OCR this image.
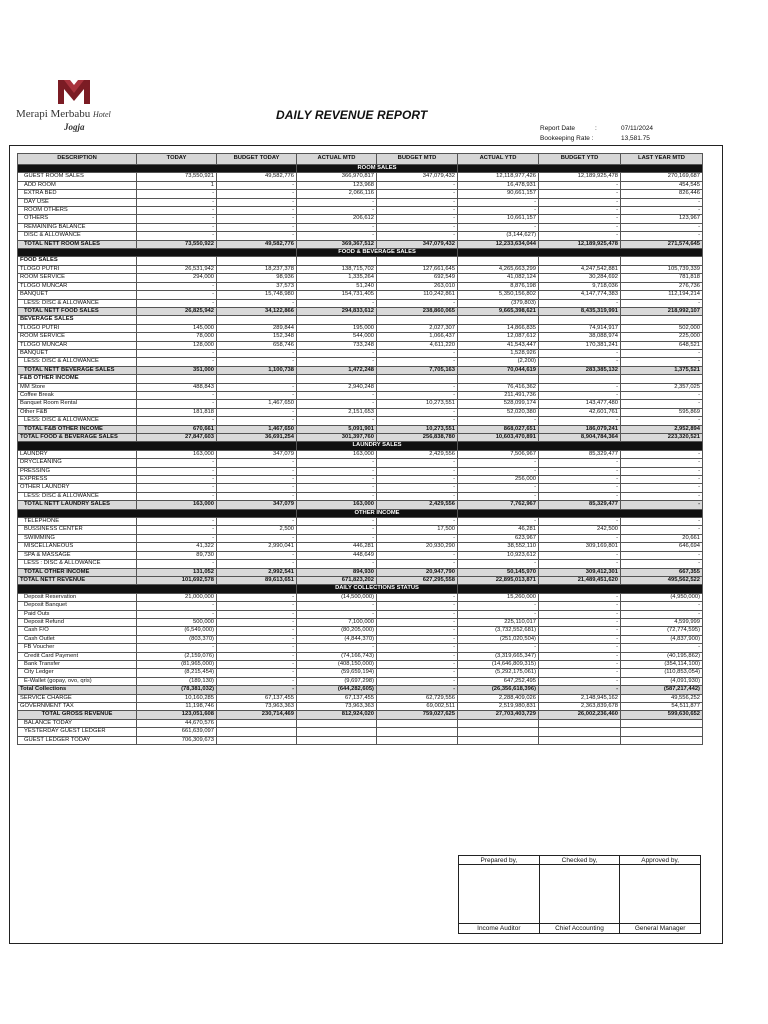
Merapi Merbabu Hotel
Jogja
DAILY REVENUE REPORT
Report Date	:	07/11/2024
Bookeeping Rate :	13,581.75
DESCRIPTION	TODAY	BUDGET TODAY	ACTUAL MTD	BUDGET MTD	ACTUAL YTD	BUDGET YTD	LAST YEAR MTD
			ROOM SALES				
GUEST ROOM SALES	73,550,921	49,582,776	366,970,817	347,079,432	12,118,977,426	12,189,925,478	270,169,687
ADD ROOM	1	-	123,968	-	16,478,931	-	454,545
EXTRA BED	-	-	2,066,116	-	90,661,157	-	826,446
DAY USE	-	-	-	-	-	-	-
ROOM OTHERS	-	-	-	-	-	-	-
OTHERS	-	-	206,612	-	10,661,157	-	123,967
REMAINING BALANCE	-	-	-	-	-	-	-
DISC & ALLOWANCE	-	-	-	-	(3,144,627)	-	-
TOTAL NETT ROOM SALES	73,550,922	49,582,776	369,367,512	347,079,432	12,233,634,044	12,189,925,478	271,574,645
			FOOD & BEVERAGE SALES				
FOOD SALES							
TLOGO PUTRI	26,531,942	18,237,378	138,715,702	127,661,645	4,265,663,299	4,247,542,881	105,739,339
ROOM SERVICE	294,000	98,936	1,335,264	692,549	41,082,124	30,284,692	781,818
TLOGO MUNCAR	-	37,573	51,240	263,010	8,876,198	9,718,036	276,736
BANQUET	-	15,748,980	154,731,405	110,242,861	5,350,156,802	4,147,774,383	112,194,214
LESS: DISC & ALLOWANCE	-	-	-	-	(379,803)	-	-
TOTAL NETT FOOD SALES	26,825,942	34,122,866	294,833,612	238,860,065	9,665,398,621	8,435,319,991	218,992,107
BEVERAGE SALES							
TLOGO PUTRI	145,000	289,844	195,000	2,027,307	14,866,835	74,914,917	502,000
ROOM SERVICE	78,000	152,348	544,000	1,066,437	12,087,612	38,088,974	225,000
TLOGO MUNCAR	128,000	658,746	733,248	4,611,220	41,543,447	170,381,241	648,521
BANQUET	-	-	-	-	1,528,926	-	-
LESS: DISC & ALLOWANCE	-	-	-	-	(2,200)	-	-
TOTAL NETT BEVERAGE SALES	351,000	1,100,738	1,472,248	7,705,163	70,044,619	283,385,132	1,375,521
F&B OTHER INCOME							
MM Store	488,843	-	2,940,248	-	76,416,362	-	2,357,025
Coffee Break	-	-	-	-	211,491,736	-	-
Banquet Room Rental	-	1,467,650	-	10,273,551	528,099,174	143,477,480	-
Other F&B	181,818	-	2,151,653	-	52,020,380	42,601,761	595,869
LESS: DISC & ALLOWANCE	-	-	-	-	-	-	-
TOTAL F&B OTHER INCOME	670,661	1,467,650	5,091,901	10,273,551	868,027,651	186,079,241	2,952,894
TOTAL FOOD & BEVERAGE SALES	27,847,603	36,691,254	301,397,760	256,838,780	10,603,470,891	8,904,784,364	223,320,521
			LAUNDRY SALES				
LAUNDRY	163,000	347,079	163,000	2,429,556	7,506,967	85,329,477	-
DRYCLEANING	-	-	-	-	-	-	-
PRESSING	-	-	-	-	-	-	-
EXPRESS	-	-	-	-	256,000	-	-
OTHER LAUNDRY	-	-	-	-	-	-	-
LESS: DISC & ALLOWANCE	-	-	-	-	-	-	-
TOTAL NETT LAUNDRY SALES	163,000	347,079	163,000	2,429,556	7,762,967	85,329,477	-
			OTHER INCOME				
TELEPHONE	-	-	-	-	-	-	-
BUSSINESS CENTER	-	2,500	-	17,500	46,281	242,500	-
SWIMMING	-	-	-	-	623,967	-	20,661
MISCELLANEOUS	41,322	2,990,041	446,281	20,930,290	38,552,110	309,169,801	646,694
SPA & MASSAGE	89,730	-	448,649	-	10,923,612	-	-
LESS : DISC & ALLOWANCE	-	-	-	-	-	-	-
TOTAL OTHER INCOME	131,052	2,992,541	894,930	20,947,790	50,145,970	309,412,301	667,355
TOTAL NETT REVENUE	101,692,578	89,613,651	671,823,202	627,295,558	22,895,013,871	21,489,451,620	495,562,522
			DAILY COLLECTIONS STATUS				
Deposit Reservation	21,000,000	-	(14,500,000)	-	15,260,000	-	(4,950,000)
Deposit Banquet	-	-	-	-	-	-	-
Paid Outs	-	-	-	-	-	-	-
Deposit Refund	500,000	-	7,100,000	-	225,110,017	-	4,599,999
Cash F/O	(6,549,000)	-	(80,205,000)	-	(3,732,552,681)	-	(72,774,595)
Cash Outlet	(803,370)	-	(4,844,370)	-	(251,020,504)	-	(4,837,900)
FB Voucher	-	-	-	-	-	-	-
Credit Card Payment	(2,159,076)	-	(74,166,743)	-	(3,319,665,347)	-	(40,195,862)
Bank Transfer	(81,965,000)	-	(408,150,000)	-	(14,646,809,315)	-	(354,114,100)
City Ledger	(8,215,454)	-	(59,659,194)	-	(5,292,175,061)	-	(110,853,054)
E-Wallet (gopay, ovo, qris)	(189,130)	-	(9,697,298)	-	647,252,495	-	(4,091,930)
Total Collections	(78,381,032)	-	(644,282,605)	-	(26,356,618,396)	-	(587,217,442)
SERVICE CHARGE	10,160,285	67,137,455	67,137,455	62,729,556	2,288,409,026	2,148,945,162	49,556,252
GOVERNMENT TAX	11,198,746	73,963,363	73,963,363	69,002,511	2,519,980,831	2,363,839,678	54,511,877
TOTAL GROSS REVENUE	123,051,608	230,714,469	812,924,020	759,027,625	27,703,403,729	26,002,236,460	599,630,652
BALANCE TODAY	44,670,576						
YESTERDAY GUEST LEDGER	661,639,097						
GUEST LEDGER TODAY	706,309,673						
Prepared by,	Checked by,	Approved by,

Income Auditor	Chief Accounting	General Manager
